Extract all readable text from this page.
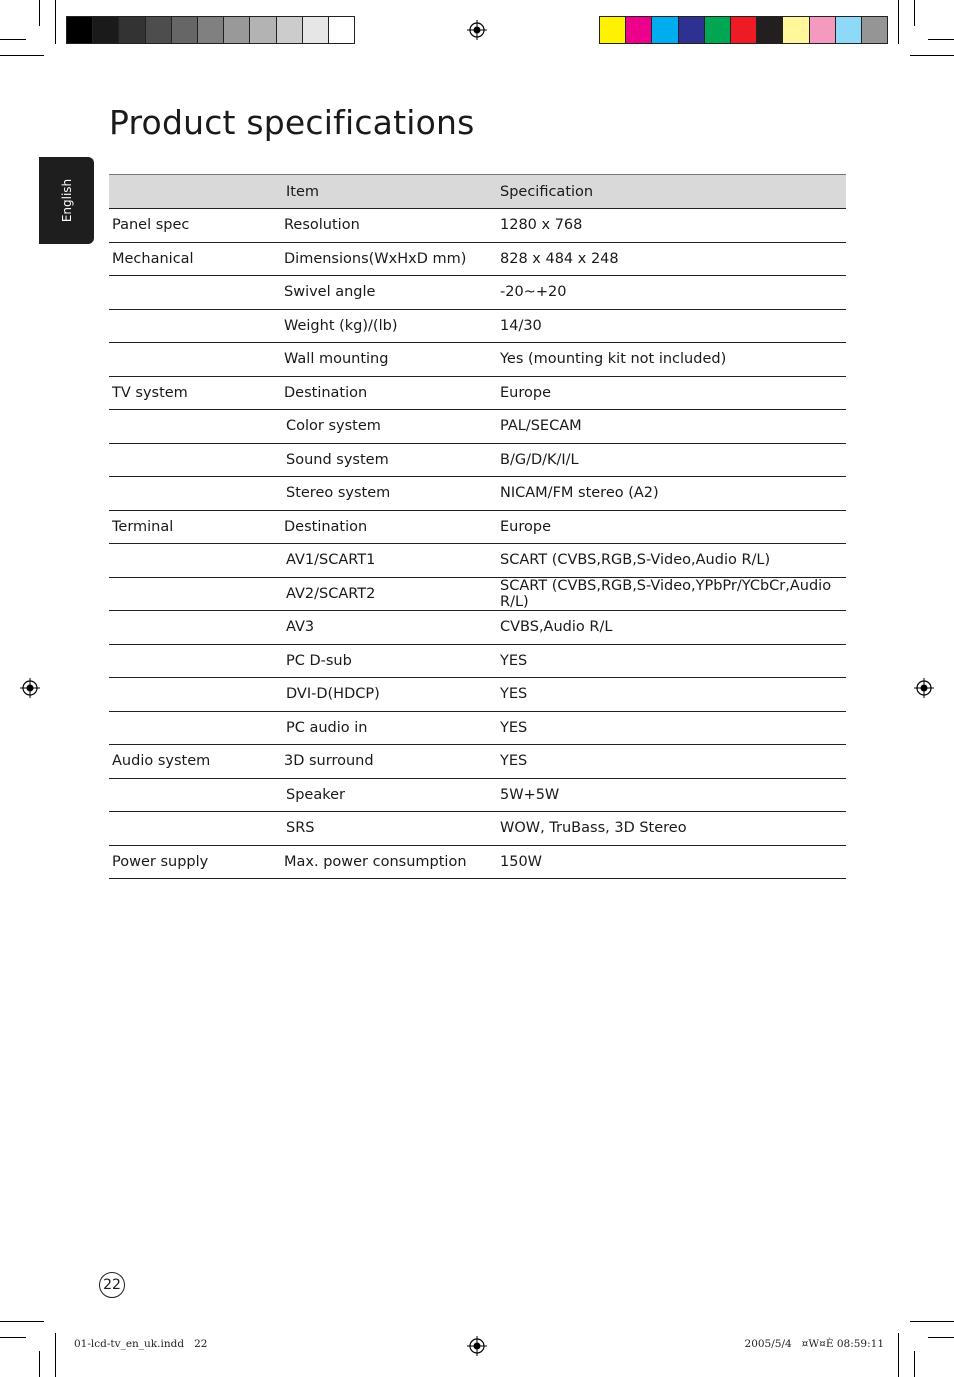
English
Product specifications
	Item	Specification
Panel spec	Resolution	1280 x 768
Mechanical	Dimensions(WxHxD mm)	828 x 484 x 248
	Swivel angle	-20~+20
	Weight (kg)/(lb)	14/30
	Wall mounting	Yes (mounting kit not included)
TV system	Destination	Europe
	Color system	PAL/SECAM
	Sound system	B/G/D/K/I/L
	Stereo system	NICAM/FM stereo (A2)
Terminal	Destination	Europe
	AV1/SCART1	SCART (CVBS,RGB,S-Video,Audio R/L)
	AV2/SCART2	SCART (CVBS,RGB,S-Video,YPbPr/YCbCr,Audio R/L)
	AV3	CVBS,Audio R/L
	PC D-sub	YES
	DVI-D(HDCP)	YES
	PC audio in	YES
Audio system	3D surround	YES
	Speaker	5W+5W
	SRS	WOW, TruBass, 3D Stereo
Power supply	Max. power consumption	150W
22
01-lcd-tv_en_uk.indd   22	2005/5/4   ¤W¤È 08:59:11
